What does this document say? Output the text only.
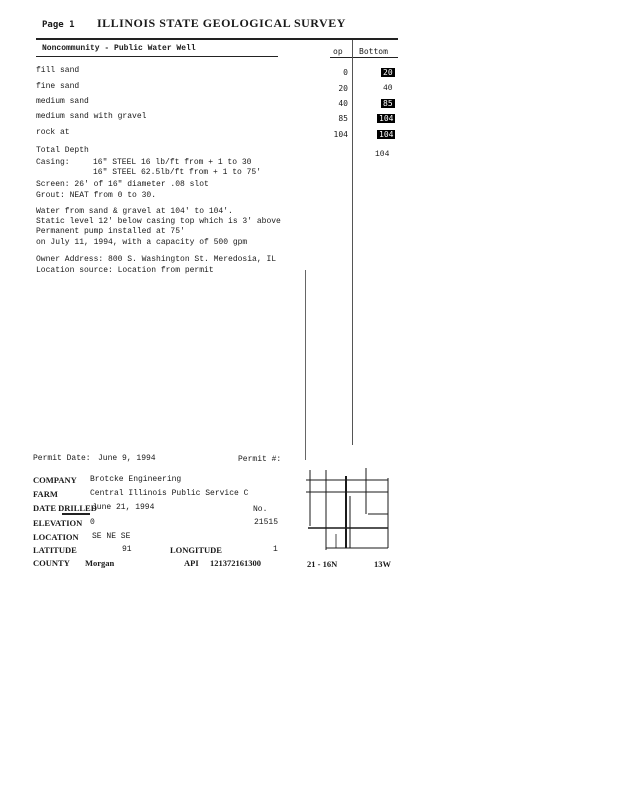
Page 1 ILLINOIS STATE GEOLOGICAL SURVEY
Noncommunity - Public Water Well	op Bottom
fill sand	0	20
fine sand	20	40
medium sand	40	85
medium sand with gravel	85	104
rock at	104	104
Total Depth	104
Casing:	16" STEEL 16 lb/ft from + 1 to 30
16" STEEL 62.5lb/ft from + 1 to 75'
Screen: 26' of 16" diameter .08 slot
Grout: NEAT from 0 to 30.
Water from sand & gravel at 104' to 104'.
Static level 12' below casing top which is 3' above
Permanent pump installed at 75'
on July 11, 1994, with a capacity of 500 gpm
Owner Address: 800 S. Washington St. Meredosia, IL
Location source: Location from permit
Permit Date: June 9, 1994	Permit #:
COMPANY Brotcke Engineering
FARM	Central Illinois Public Service C
DATE DRILLED
June 21, 1994	No.
ELEVATION 0	21515
LOCATION SE NE SE
LATITUDE	91	LONGITUDE	1
COUNTY Morgan	API 121372161300	21 - 16N	13W
